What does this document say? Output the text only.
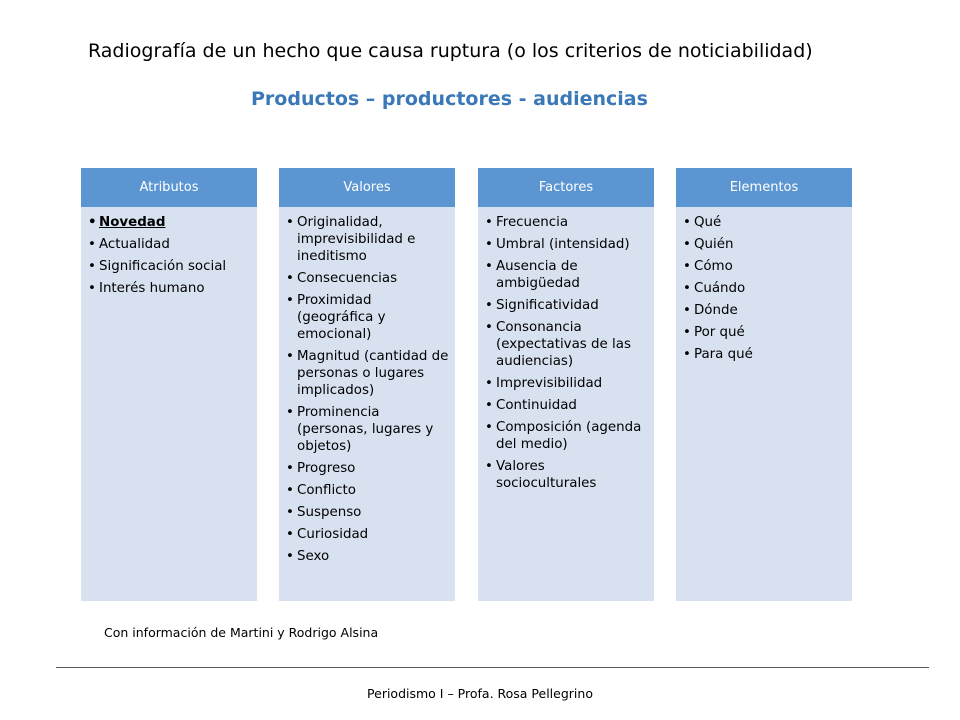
Radiografía de un hecho que causa ruptura (o los criterios de noticiabilidad)
Productos – productores - audiencias
Atributos
• Novedad
• Actualidad
• Significación social
• Interés humano
Valores
• Originalidad, imprevisibilidad e ineditismo
• Consecuencias
• Proximidad (geográfica y emocional)
• Magnitud (cantidad de personas o lugares implicados)
• Prominencia (personas, lugares y objetos)
• Progreso
• Conflicto
• Suspenso
• Curiosidad
• Sexo
Factores
• Frecuencia
• Umbral (intensidad)
• Ausencia de ambigüedad
• Significatividad
• Consonancia (expectativas de las audiencias)
• Imprevisibilidad
• Continuidad
• Composición (agenda del medio)
• Valores socioculturales
Elementos
• Qué
• Quién
• Cómo
• Cuándo
• Dónde
• Por qué
• Para qué
Con información de Martini y Rodrigo Alsina
Periodismo I – Profa. Rosa Pellegrino
